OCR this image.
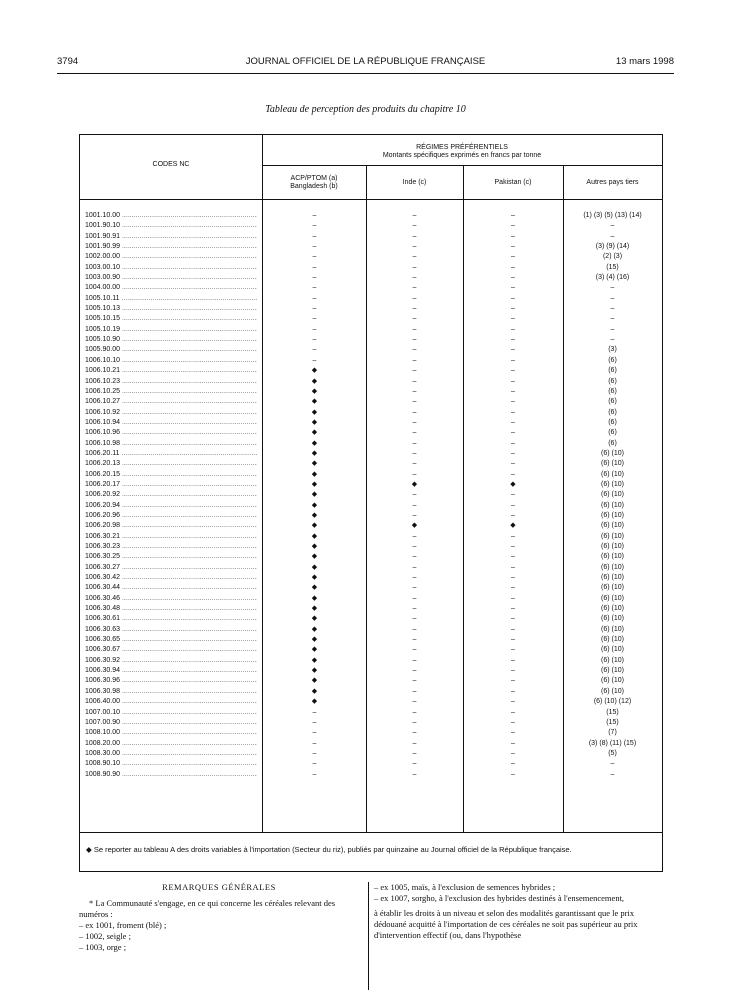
3794	JOURNAL OFFICIEL DE LA RÉPUBLIQUE FRANÇAISE	13 mars 1998
Tableau de perception des produits du chapitre 10
CODES NC
RÉGIMES PRÉFÉRENTIELS
Montants spécifiques exprimés en francs par tonne
ACP/PTOM (a)
Bangladesh (b)
Inde (c)	Pakistan (c)	Autres pays tiers
1001.10.00 .....	–	–	–	(1) (3) (5) (13) (14)
1001.90.10 .....	–	–	–	–
1001.90.91 .....	–	–	–	–
1001.90.99 .....	–	–	–	(3) (9) (14)
1002.00.00 .....	–	–	–	(2) (3)
1003.00.10 .....	–	–	–	(15)
1003.00.90 .....	–	–	–	(3) (4) (16)
1004.00.00 .....	–	–	–	–
1005.10.11 .....	–	–	–	–
1005.10.13 .....	–	–	–	–
1005.10.15 .....	–	–	–	–
1005.10.19 .....	–	–	–	–
1005.10.90 .....	–	–	–	–
1005.90.00 .....	–	–	–	(3)
1006.10.10 .....	–	–	–	(6)
1006.10.21 .....	◆	–	–	(6)
1006.10.23 .....	◆	–	–	(6)
1006.10.25 .....	◆	–	–	(6)
1006.10.27 .....	◆	–	–	(6)
1006.10.92 .....	◆	–	–	(6)
1006.10.94 .....	◆	–	–	(6)
1006.10.96 .....	◆	–	–	(6)
1006.10.98 .....	◆	–	–	(6)
1006.20.11 .....	◆	–	–	(6) (10)
1006.20.13 .....	◆	–	–	(6) (10)
1006.20.15 .....	◆	–	–	(6) (10)
1006.20.17 .....	◆	◆	◆	(6) (10)
1006.20.92 .....	◆	–	–	(6) (10)
1006.20.94 .....	◆	–	–	(6) (10)
1006.20.96 .....	◆	–	–	(6) (10)
1006.20.98 .....	◆	◆	◆	(6) (10)
1006.30.21 .....	◆	–	–	(6) (10)
1006.30.23 .....	◆	–	–	(6) (10)
1006.30.25 .....	◆	–	–	(6) (10)
1006.30.27 .....	◆	–	–	(6) (10)
1006.30.42 .....	◆	–	–	(6) (10)
1006.30.44 .....	◆	–	–	(6) (10)
1006.30.46 .....	◆	–	–	(6) (10)
1006.30.48 .....	◆	–	–	(6) (10)
1006.30.61 .....	◆	–	–	(6) (10)
1006.30.63 .....	◆	–	–	(6) (10)
1006.30.65 .....	◆	–	–	(6) (10)
1006.30.67 .....	◆	–	–	(6) (10)
1006.30.92 .....	◆	–	–	(6) (10)
1006.30.94 .....	◆	–	–	(6) (10)
1006.30.96 .....	◆	–	–	(6) (10)
1006.30.98 .....	◆	–	–	(6) (10)
1006.40.00 .....	◆	–	–	(6) (10) (12)
1007.00.10 .....	–	–	–	(15)
1007.00.90 .....	–	–	–	(15)
1008.10.00 .....	–	–	–	(7)
1008.20.00 .....	–	–	–	(3) (8) (11) (15)
1008.30.00 .....	–	–	–	(5)
1008.90.10 .....	–	–	–	–
1008.90.90 .....	–	–	–	–
◆ Se reporter au tableau A des droits variables à l'importation (Secteur du riz), publiés par quinzaine au Journal officiel de la République française.
REMARQUES GÉNÉRALES

* La Communauté s'engage, en ce qui concerne les céréales relevant des numéros :

– ex 1001, froment (blé) ;

– 1002, seigle ;

– 1003, orge ;

– ex 1005, maïs, à l'exclusion de semences hybrides ;

– ex 1007, sorgho, à l'exclusion des hybrides destinés à l'ensemencement,

à établir les droits à un niveau et selon des modalités garantissant que le prix dédouané acquitté à l'importation de ces céréales ne soit pas supérieur au prix d'intervention effectif (ou, dans l'hypothèse
